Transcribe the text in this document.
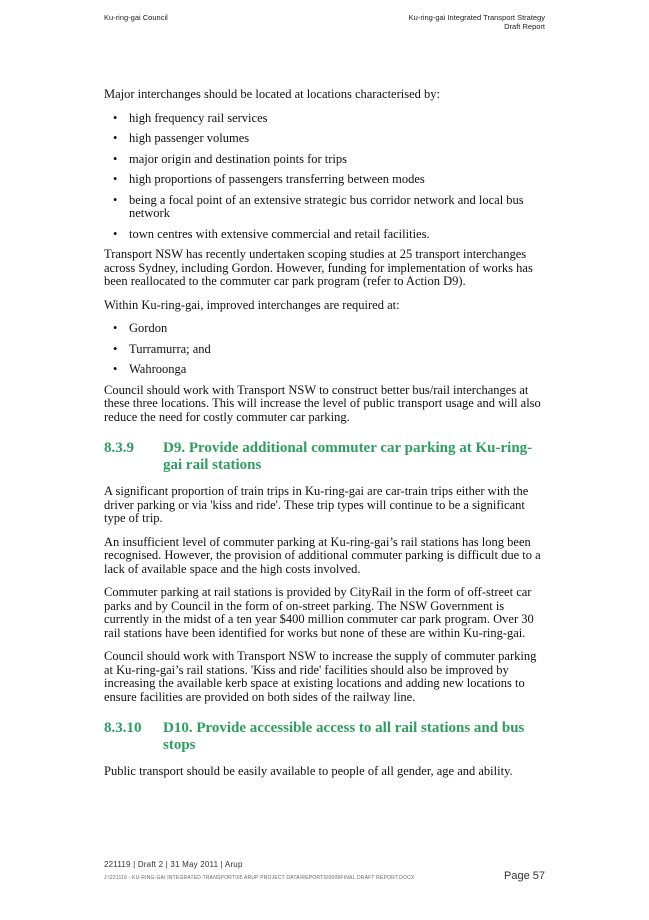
Ku-ring-gai Council	Ku-ring-gai Integrated Transport Strategy
Draft Report

Major interchanges should be located at locations characterised by:

• high frequency rail services
• high passenger volumes
• major origin and destination points for trips
• high proportions of passengers transferring between modes
• being a focal point of an extensive strategic bus corridor network and local bus network
• town centres with extensive commercial and retail facilities.

Transport NSW has recently undertaken scoping studies at 25 transport interchanges across Sydney, including Gordon. However, funding for implementation of works has been reallocated to the commuter car park program (refer to Action D9).

Within Ku-ring-gai, improved interchanges are required at:

• Gordon
• Turramurra; and
• Wahroonga

Council should work with Transport NSW to construct better bus/rail interchanges at these three locations. This will increase the level of public transport usage and will also reduce the need for costly commuter car parking.

8.3.9	D9. Provide additional commuter car parking at Ku-ring-gai rail stations

A significant proportion of train trips in Ku-ring-gai are car-train trips either with the driver parking or via 'kiss and ride'. These trip types will continue to be a significant type of trip.

An insufficient level of commuter parking at Ku-ring-gai’s rail stations has long been recognised. However, the provision of additional commuter parking is difficult due to a lack of available space and the high costs involved.

Commuter parking at rail stations is provided by CityRail in the form of off-street car parks and by Council in the form of on-street parking. The NSW Government is currently in the midst of a ten year $400 million commuter car park program. Over 30 rail stations have been identified for works but none of these are within Ku-ring-gai.

Council should work with Transport NSW to increase the supply of commuter parking at Ku-ring-gai’s rail stations. 'Kiss and ride' facilities should also be improved by increasing the available kerb space at existing locations and adding new locations to ensure facilities are provided on both sides of the railway line.

8.3.10	D10. Provide accessible access to all rail stations and bus stops

Public transport should be easily available to people of all gender, age and ability.

221119 | Draft 2 | 31 May 2011 | Arup
J:\221119 - KU-RING-GAI INTEGRATED TRANSPORT\05 ARUP PROJECT DATA\REPORTS\0008FINAL DRAFT REPORT.DOCX	Page 57
